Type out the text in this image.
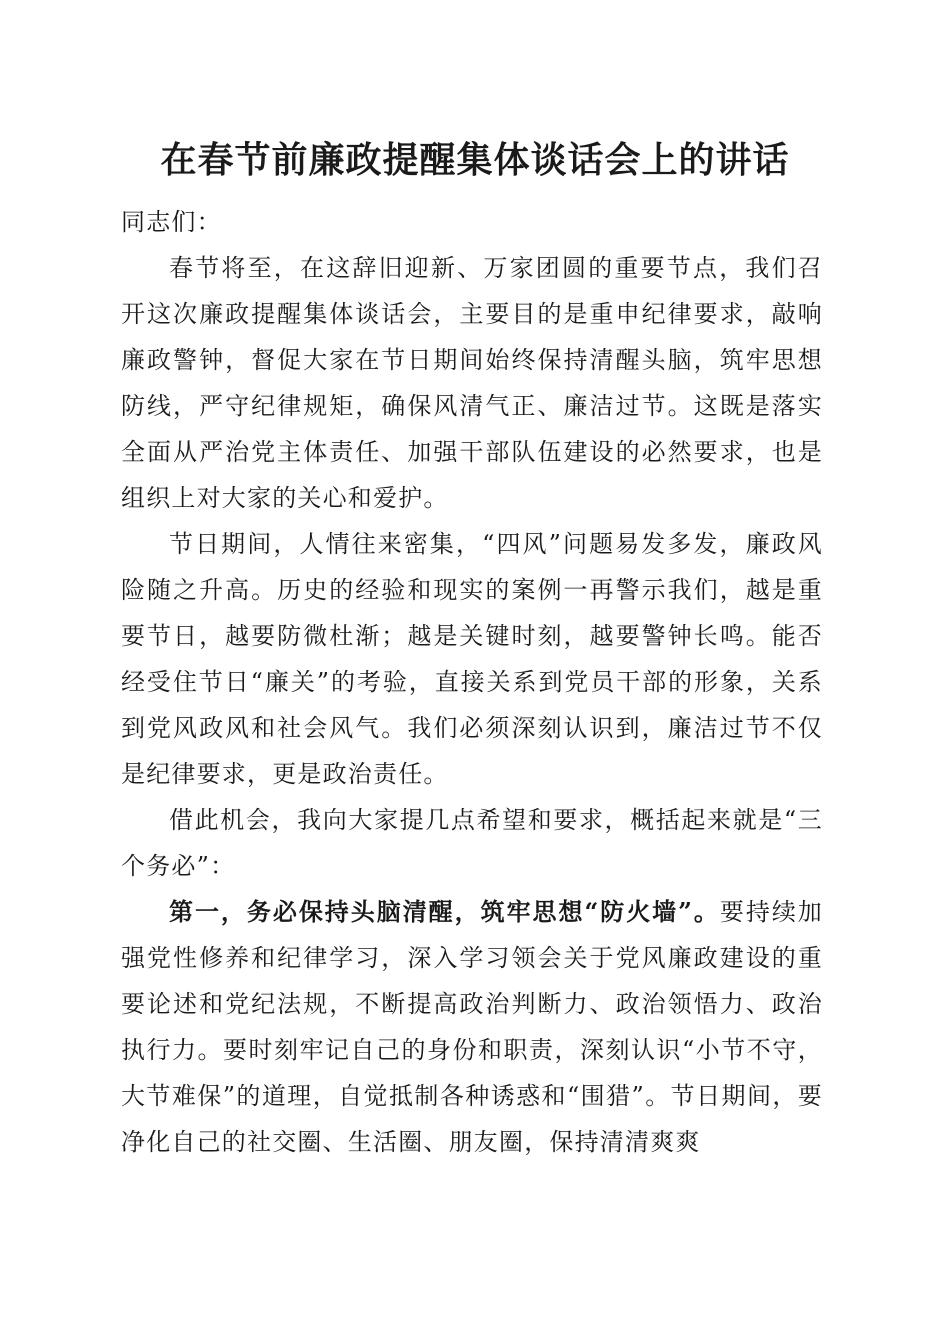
在春节前廉政提醒集体谈话会上的讲话

同志们：

春节将至，在这辞旧迎新、万家团圆的重要节点，我们召开这次廉政提醒集体谈话会，主要目的是重申纪律要求，敲响廉政警钟，督促大家在节日期间始终保持清醒头脑，筑牢思想防线，严守纪律规矩，确保风清气正、廉洁过节。这既是落实全面从严治党主体责任、加强干部队伍建设的必然要求，也是组织上对大家的关心和爱护。

节日期间，人情往来密集，“四风”问题易发多发，廉政风险随之升高。历史的经验和现实的案例一再警示我们，越是重要节日，越要防微杜渐；越是关键时刻，越要警钟长鸣。能否经受住节日“廉关”的考验，直接关系到党员干部的形象，关系到党风政风和社会风气。我们必须深刻认识到，廉洁过节不仅是纪律要求，更是政治责任。

借此机会，我向大家提几点希望和要求，概括起来就是“三个务必”：

第一，务必保持头脑清醒，筑牢思想“防火墙”。要持续加强党性修养和纪律学习，深入学习领会关于党风廉政建设的重要论述和党纪法规，不断提高政治判断力、政治领悟力、政治执行力。要时刻牢记自己的身份和职责，深刻认识“小节不守，大节难保”的道理，自觉抵制各种诱惑和“围猎”。节日期间，要净化自己的社交圈、生活圈、朋友圈，保持清清爽爽
